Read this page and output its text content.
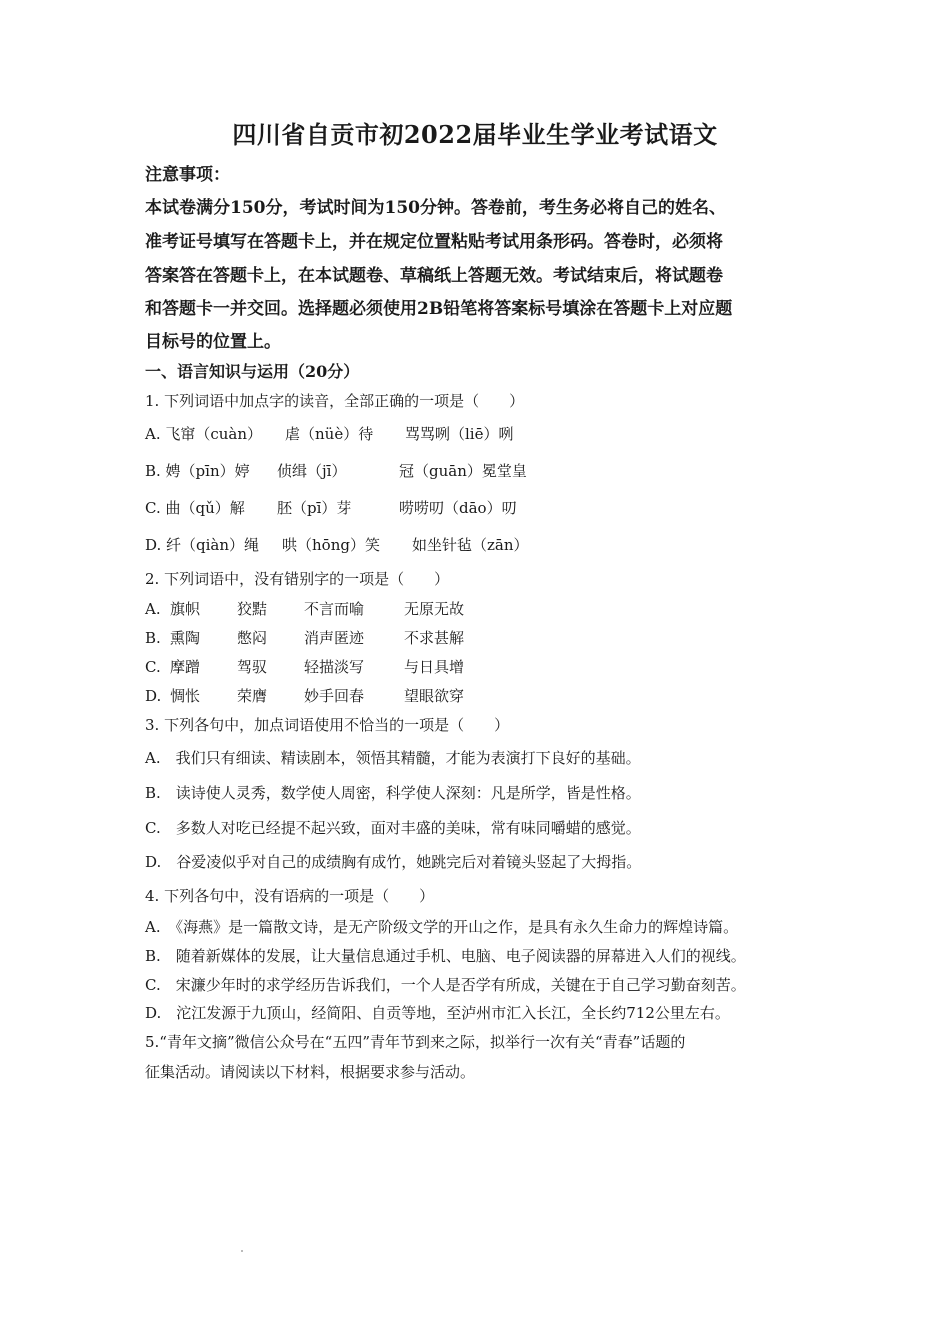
四川省自贡市初2022届毕业生学业考试语文
注意事项：
本试卷满分150分，考试时间为150分钟。答卷前，考生务必将自己的姓名、
准考证号填写在答题卡上，并在规定位置粘贴考试用条形码。答卷时，必须将
答案答在答题卡上，在本试题卷、草稿纸上答题无效。考试结束后，将试题卷
和答题卡一并交回。选择题必须使用2B铅笔将答案标号填涂在答题卡上对应题
目标号的位置上。
一、语言知识与运用（20分）
1. 下列词语中加点字的读音，全部正确的一项是（　　）
A. 飞窜（cuàn） 虐（nüè）待 骂骂咧（liē）咧
B. 娉（pīn）婷 侦缉（jī）	冠（guān）冕堂皇
C. 曲（qǔ）解 胚（pī）芽	唠唠叨（dāo）叨
D. 纤（qiàn）绳 哄（hōng）笑 如坐针毡（zān）
2. 下列词语中，没有错别字的一项是（　　）
A. 旗帜 狡黠 不言而喻	无原无故
B. 熏陶 憋闷 消声匿迹	不求甚解
C. 摩蹭 驾驭 轻描淡写	与日具增
D. 惆怅 荣膺 妙手回春	望眼欲穿
3. 下列各句中，加点词语使用不恰当的一项是（　　）
A.　我们只有细读、精读剧本，领悟其精髓，才能为表演打下良好的基础。
B.　读诗使人灵秀，数学使人周密，科学使人深刻：凡是所学，皆是性格。
C.　多数人对吃已经提不起兴致，面对丰盛的美味，常有味同嚼蜡的感觉。
D.　谷爱凌似乎对自己的成绩胸有成竹，她跳完后对着镜头竖起了大拇指。
4. 下列各句中，没有语病的一项是（　　）
A.　《海燕》是一篇散文诗，是无产阶级文学的开山之作，是具有永久生命力的辉煌诗篇。
B.　随着新媒体的发展，让大量信息通过手机、电脑、电子阅读器的屏幕进入人们的视线。
C.　宋濂少年时的求学经历告诉我们，一个人是否学有所成，关键在于自己学习勤奋刻苦。
D.　沱江发源于九顶山，经简阳、自贡等地，至泸州市汇入长江，全长约712公里左右。
5.“青年文摘”微信公众号在“五四”青年节到来之际，拟举行一次有关“青春”话题的
征集活动。请阅读以下材料，根据要求参与活动。
